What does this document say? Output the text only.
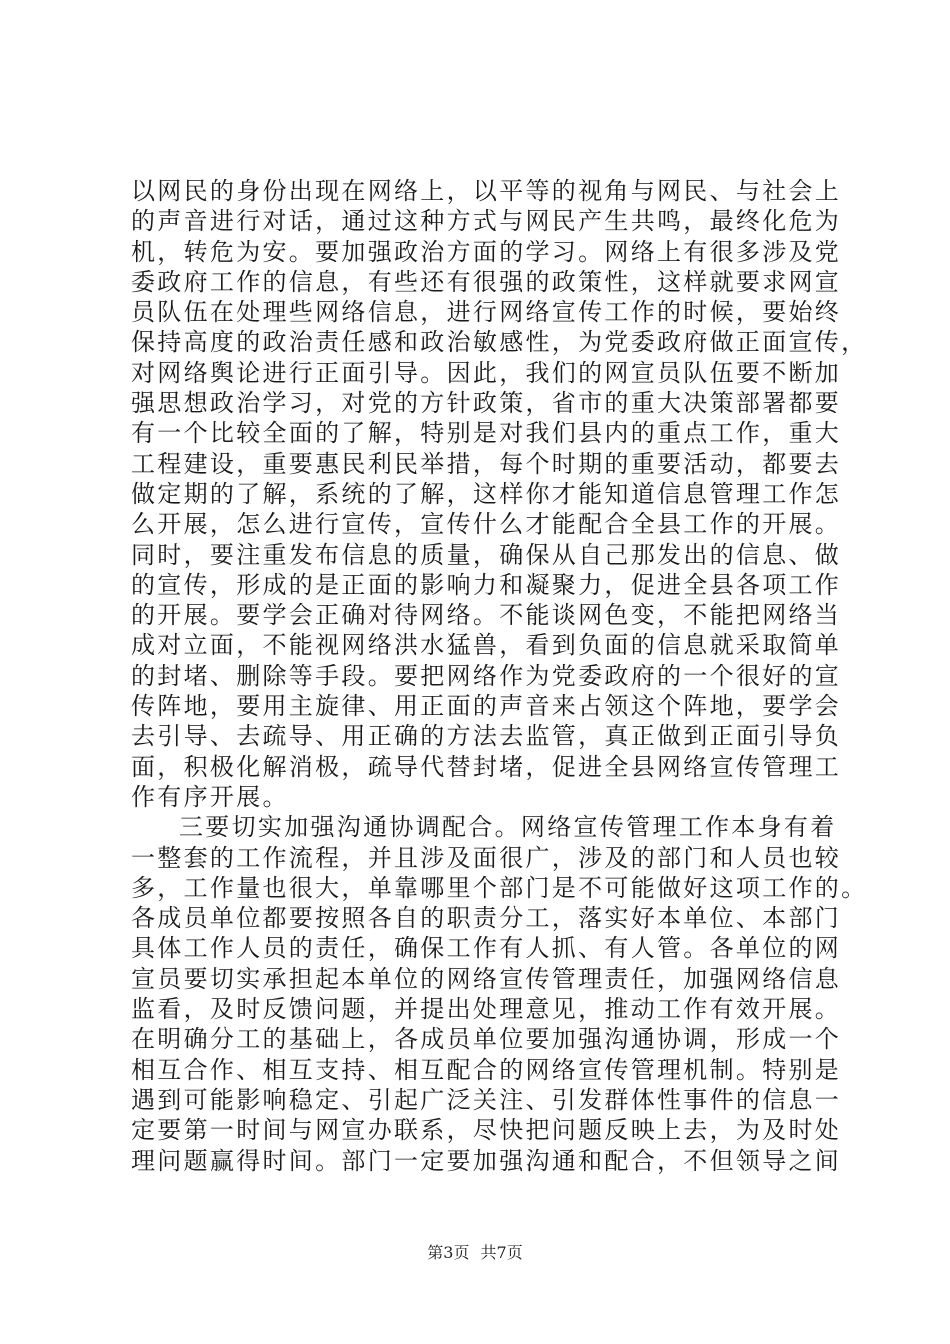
以网民的身份出现在网络上，以平等的视角与网民、与社会上
的声音进行对话，通过这种方式与网民产生共鸣，最终化危为
机，转危为安。要加强政治方面的学习。网络上有很多涉及党
委政府工作的信息，有些还有很强的政策性，这样就要求网宣
员队伍在处理些网络信息，进行网络宣传工作的时候，要始终
保持高度的政治责任感和政治敏感性，为党委政府做正面宣传，
对网络舆论进行正面引导。因此，我们的网宣员队伍要不断加
强思想政治学习，对党的方针政策，省市的重大决策部署都要
有一个比较全面的了解，特别是对我们县内的重点工作，重大
工程建设，重要惠民利民举措，每个时期的重要活动，都要去
做定期的了解，系统的了解，这样你才能知道信息管理工作怎
么开展，怎么进行宣传，宣传什么才能配合全县工作的开展。
同时，要注重发布信息的质量，确保从自己那发出的信息、做
的宣传，形成的是正面的影响力和凝聚力，促进全县各项工作
的开展。要学会正确对待网络。不能谈网色变，不能把网络当
成对立面，不能视网络洪水猛兽，看到负面的信息就采取简单
的封堵、删除等手段。要把网络作为党委政府的一个很好的宣
传阵地，要用主旋律、用正面的声音来占领这个阵地，要学会
去引导、去疏导、用正确的方法去监管，真正做到正面引导负
面，积极化解消极，疏导代替封堵，促进全县网络宣传管理工
作有序开展。
三要切实加强沟通协调配合。网络宣传管理工作本身有着
一整套的工作流程，并且涉及面很广，涉及的部门和人员也较
多，工作量也很大，单靠哪里个部门是不可能做好这项工作的。
各成员单位都要按照各自的职责分工，落实好本单位、本部门
具体工作人员的责任，确保工作有人抓、有人管。各单位的网
宣员要切实承担起本单位的网络宣传管理责任，加强网络信息
监看，及时反馈问题，并提出处理意见，推动工作有效开展。
在明确分工的基础上，各成员单位要加强沟通协调，形成一个
相互合作、相互支持、相互配合的网络宣传管理机制。特别是
遇到可能影响稳定、引起广泛关注、引发群体性事件的信息一
定要第一时间与网宣办联系，尽快把问题反映上去，为及时处
理问题赢得时间。部门一定要加强沟通和配合，不但领导之间
第3页 共7页
